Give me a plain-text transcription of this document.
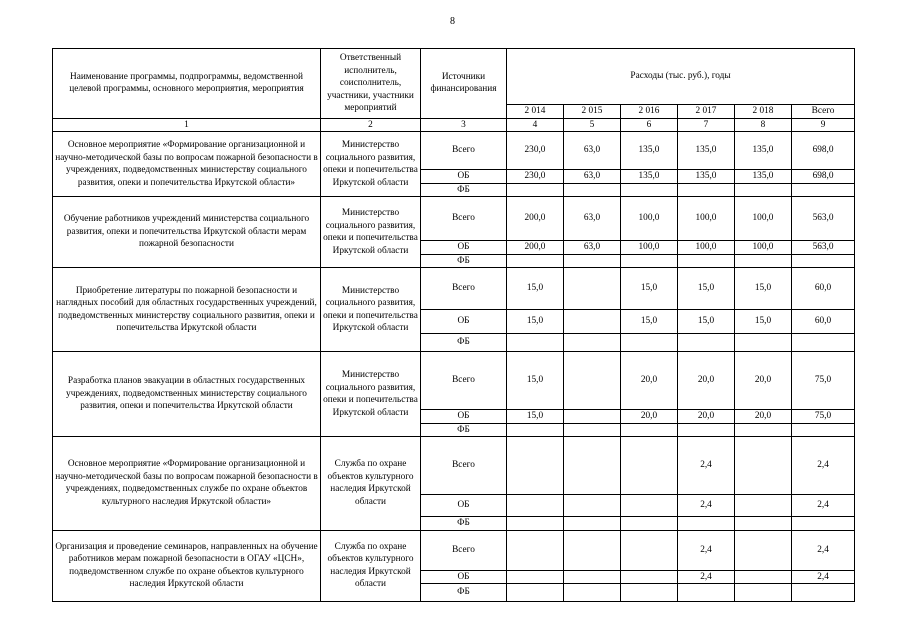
8
Наименование программы, подпрограммы, ведомственной целевой программы, основного мероприятия, мероприятия	Ответственный исполнитель, соисполнитель, участники, участники мероприятий	Источники финансирования	Расходы (тыс. руб.), годы					
			2 014	2 015	2 016	2 017	2 018	Всего
1	2	3	4	5	6	7	8	9
Основное мероприятие «Формирование организационной и научно-методической базы по вопросам пожарной безопасности в учреждениях, подведомственных министерству социального развития, опеки и попечительства Иркутской области»	Министерство социального развития, опеки и попечительства Иркутской области	Всего	230,0	63,0	135,0	135,0	135,0	698,0
		ОБ	230,0	63,0	135,0	135,0	135,0	698,0
		ФБ						
Обучение работников учреждений министерства социального развития, опеки и попечительства Иркутской области мерам пожарной безопасности	Министерство социального развития, опеки и попечительства Иркутской области	Всего	200,0	63,0	100,0	100,0	100,0	563,0
		ОБ	200,0	63,0	100,0	100,0	100,0	563,0
		ФБ						
Приобретение литературы по пожарной безопасности и наглядных пособий для областных государственных учреждений, подведомственных министерству социального развития, опеки и попечительства Иркутской области	Министерство социального развития, опеки и попечительства Иркутской области	Всего	15,0		15,0	15,0	15,0	60,0
		ОБ	15,0		15,0	15,0	15,0	60,0
		ФБ						
Разработка планов эвакуации в областных государственных учреждениях, подведомственных министерству социального развития, опеки и попечительства Иркутской области	Министерство социального развития, опеки и попечительства Иркутской области	Всего	15,0		20,0	20,0	20,0	75,0
		ОБ	15,0		20,0	20,0	20,0	75,0
		ФБ						
Основное мероприятие «Формирование организационной и научно-методической базы по вопросам пожарной безопасности в учреждениях, подведомственных службе по охране объектов культурного наследия Иркутской области»	Служба по охране объектов культурного наследия Иркутской области	Всего				2,4		2,4
		ОБ				2,4		2,4
		ФБ						
Организация и проведение семинаров, направленных на обучение работников мерам пожарной безопасности в ОГАУ «ЦСН», подведомственном службе по охране объектов культурного наследия Иркутской области	Служба по охране объектов культурного наследия Иркутской области	Всего				2,4		2,4
		ОБ				2,4		2,4
		ФБ						
